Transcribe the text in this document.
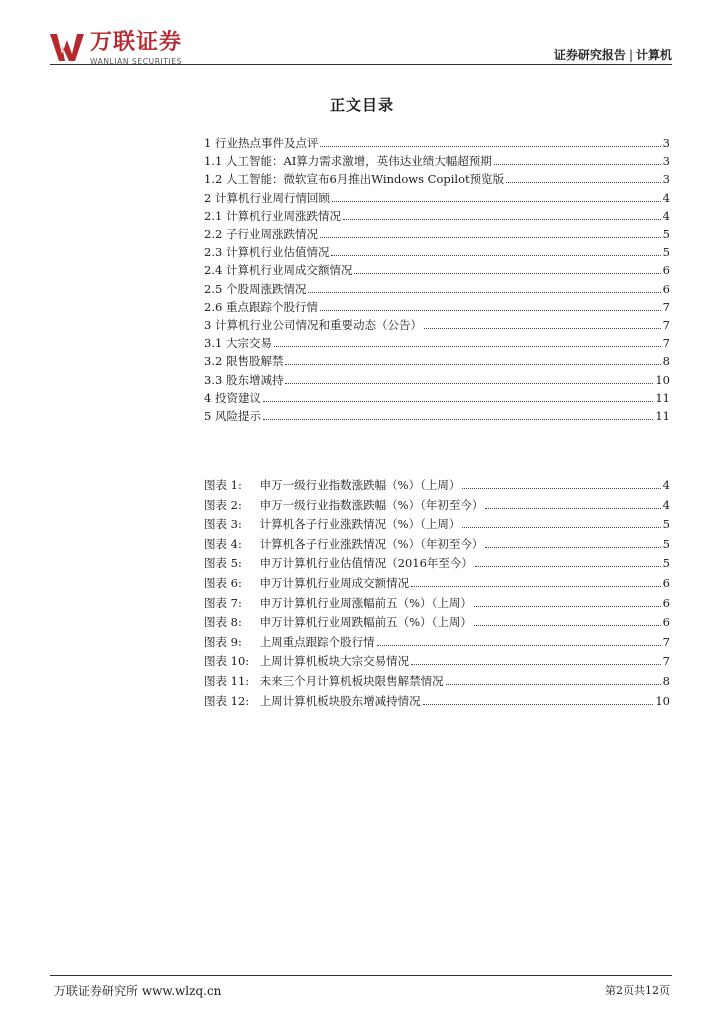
万联证券
WANLIAN SECURITIES	证券研究报告 | 计算机
正文目录
1 行业热点事件及点评	3
1.1 人工智能：AI算力需求激增，英伟达业绩大幅超预期	3
1.2 人工智能：微软宣布6月推出Windows Copilot预览版	3
2 计算机行业周行情回顾	4
2.1 计算机行业周涨跌情况	4
2.2 子行业周涨跌情况	5
2.3 计算机行业估值情况	5
2.4 计算机行业周成交额情况	6
2.5 个股周涨跌情况	6
2.6 重点跟踪个股行情	7
3 计算机行业公司情况和重要动态（公告）	7
3.1 大宗交易	7
3.2 限售股解禁	8
3.3 股东增减持	10
4 投资建议	11
5 风险提示	11
图表 1: 申万一级行业指数涨跌幅（%）（上周）	4
图表 2: 申万一级行业指数涨跌幅（%）（年初至今）	4
图表 3: 计算机各子行业涨跌情况（%）（上周）	5
图表 4: 计算机各子行业涨跌情况（%）（年初至今）	5
图表 5: 申万计算机行业估值情况（2016年至今）	5
图表 6: 申万计算机行业周成交额情况	6
图表 7: 申万计算机行业周涨幅前五（%）（上周）	6
图表 8: 申万计算机行业周跌幅前五（%）（上周）	6
图表 9: 上周重点跟踪个股行情	7
图表 10: 上周计算机板块大宗交易情况	7
图表 11: 未来三个月计算机板块限售解禁情况	8
图表 12: 上周计算机板块股东增减持情况	10
万联证券研究所 www.wlzq.cn	第2页共12页
